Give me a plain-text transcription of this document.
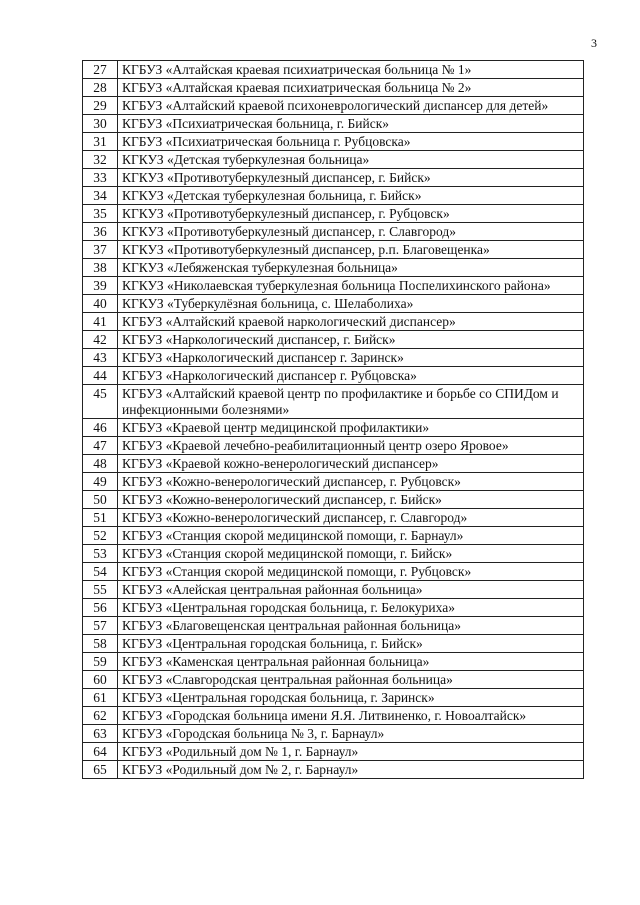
3
27	КГБУЗ «Алтайская краевая психиатрическая больница № 1»
28	КГБУЗ «Алтайская краевая психиатрическая больница № 2»
29	КГБУЗ «Алтайский краевой психоневрологический диспансер для детей»
30	КГБУЗ «Психиатрическая больница, г. Бийск»
31	КГБУЗ «Психиатрическая больница г. Рубцовска»
32	КГКУЗ «Детская туберкулезная больница»
33	КГКУЗ «Противотуберкулезный диспансер, г. Бийск»
34	КГКУЗ «Детская туберкулезная больница, г. Бийск»
35	КГКУЗ «Противотуберкулезный диспансер, г. Рубцовск»
36	КГКУЗ «Противотуберкулезный диспансер, г. Славгород»
37	КГКУЗ «Противотуберкулезный диспансер, р.п. Благовещенка»
38	КГКУЗ «Лебяженская туберкулезная больница»
39	КГКУЗ «Николаевская туберкулезная больница Поспелихинского района»
40	КГКУЗ «Туберкулёзная больница, с. Шелаболиха»
41	КГБУЗ «Алтайский краевой наркологический диспансер»
42	КГБУЗ «Наркологический диспансер, г. Бийск»
43	КГБУЗ «Наркологический диспансер г. Заринск»
44	КГБУЗ «Наркологический диспансер г. Рубцовска»
45	КГБУЗ «Алтайский краевой центр по профилактике и борьбе со СПИДом и инфекционными болезнями»
46	КГБУЗ «Краевой центр медицинской профилактики»
47	КГБУЗ «Краевой лечебно-реабилитационный центр озеро Яровое»
48	КГБУЗ «Краевой кожно-венерологический диспансер»
49	КГБУЗ «Кожно-венерологический диспансер, г. Рубцовск»
50	КГБУЗ «Кожно-венерологический диспансер, г. Бийск»
51	КГБУЗ «Кожно-венерологический диспансер, г. Славгород»
52	КГБУЗ «Станция скорой медицинской помощи, г. Барнаул»
53	КГБУЗ «Станция скорой медицинской помощи, г. Бийск»
54	КГБУЗ «Станция скорой медицинской помощи, г. Рубцовск»
55	КГБУЗ «Алейская центральная районная больница»
56	КГБУЗ «Центральная городская больница, г. Белокуриха»
57	КГБУЗ «Благовещенская центральная районная больница»
58	КГБУЗ «Центральная городская больница, г. Бийск»
59	КГБУЗ «Каменская центральная районная больница»
60	КГБУЗ «Славгородская центральная районная больница»
61	КГБУЗ «Центральная городская больница, г. Заринск»
62	КГБУЗ «Городская больница имени Я.Я. Литвиненко, г. Новоалтайск»
63	КГБУЗ «Городская больница № 3, г. Барнаул»
64	КГБУЗ «Родильный дом № 1, г. Барнаул»
65	КГБУЗ «Родильный дом № 2, г. Барнаул»
